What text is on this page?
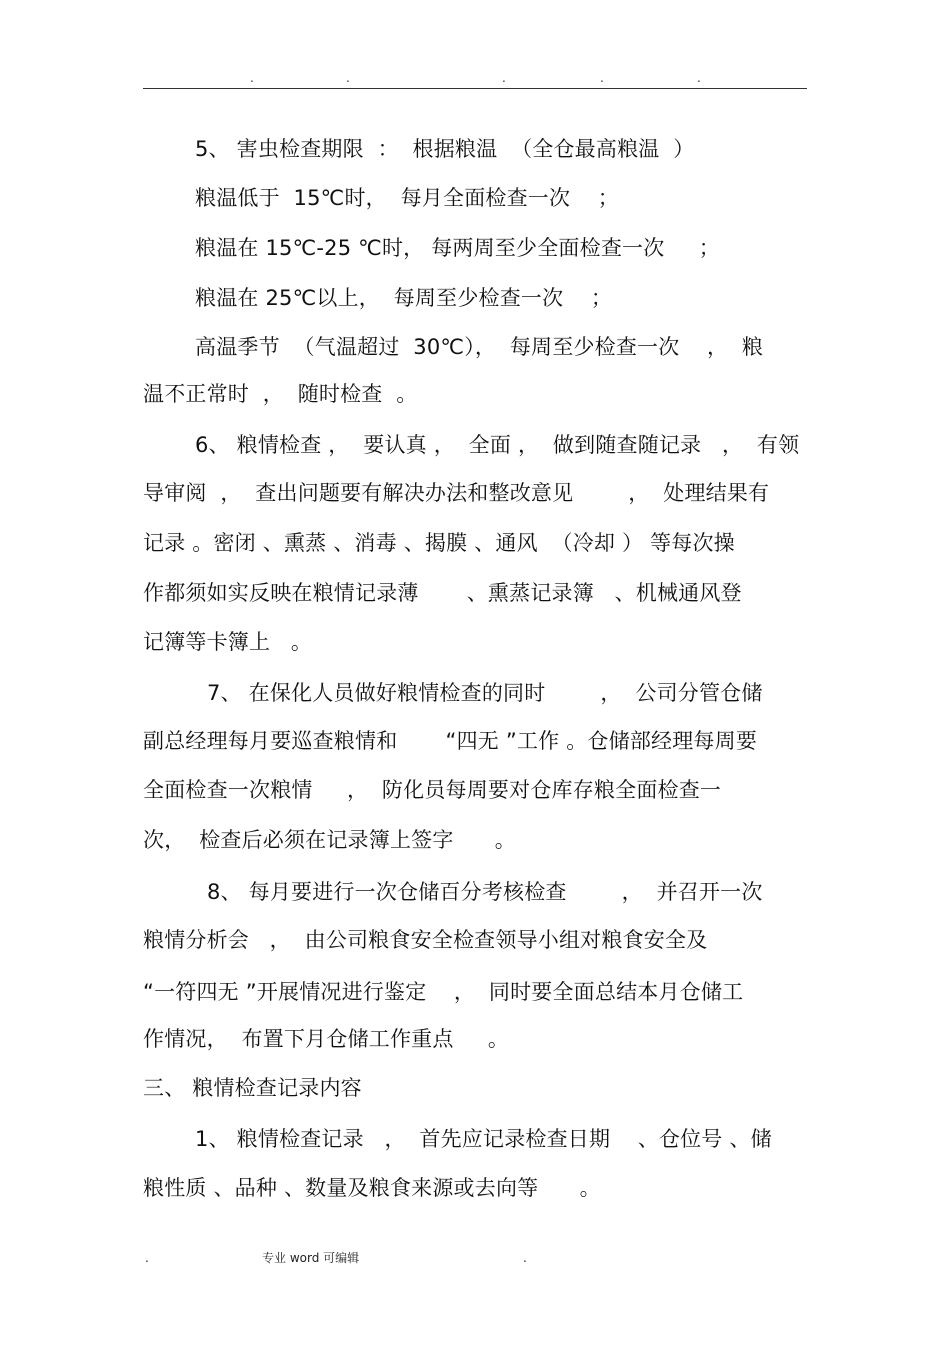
.	.	.	.	.
5、 害虫检查期限  ：  根据粮温  （全仓最高粮温  ）
粮温低于  15℃时，  每月全面检查一次    ；
粮温在 15℃-25 ℃时， 每两周至少全面检查一次     ；
粮温在 25℃以上，  每周至少检查一次    ；
高温季节  （气温超过  30℃），  每周至少检查一次    ，  粮
温不正常时  ，  随时检查  。
6、 粮情检查 ，  要认真 ，  全面 ，  做到随查随记录   ，  有领
导审阅  ，  查出问题要有解决办法和整改意见        ，  处理结果有
记录 。密闭 、熏蒸 、消毒 、揭膜 、通风  （冷却 ） 等每次操
作都须如实反映在粮情记录薄       、熏蒸记录簿   、机械通风登
记簿等卡簿上   。
7、 在保化人员做好粮情检查的同时        ，  公司分管仓储
副总经理每月要巡查粮情和       “四无 ”工作 。仓储部经理每周要
全面检查一次粮情     ，  防化员每周要对仓库存粮全面检查一
次，  检查后必须在记录簿上签字      。
8、 每月要进行一次仓储百分考核检查        ，  并召开一次
粮情分析会   ，  由公司粮食安全检查领导小组对粮食安全及
“一符四无 ”开展情况进行鉴定    ，  同时要全面总结本月仓储工
作情况，  布置下月仓储工作重点     。
三、 粮情检查记录内容
1、 粮情检查记录   ，  首先应记录检查日期    、仓位号 、储
粮性质 、品种 、数量及粮食来源或去向等      。
.	专业 word 可编辑	.
